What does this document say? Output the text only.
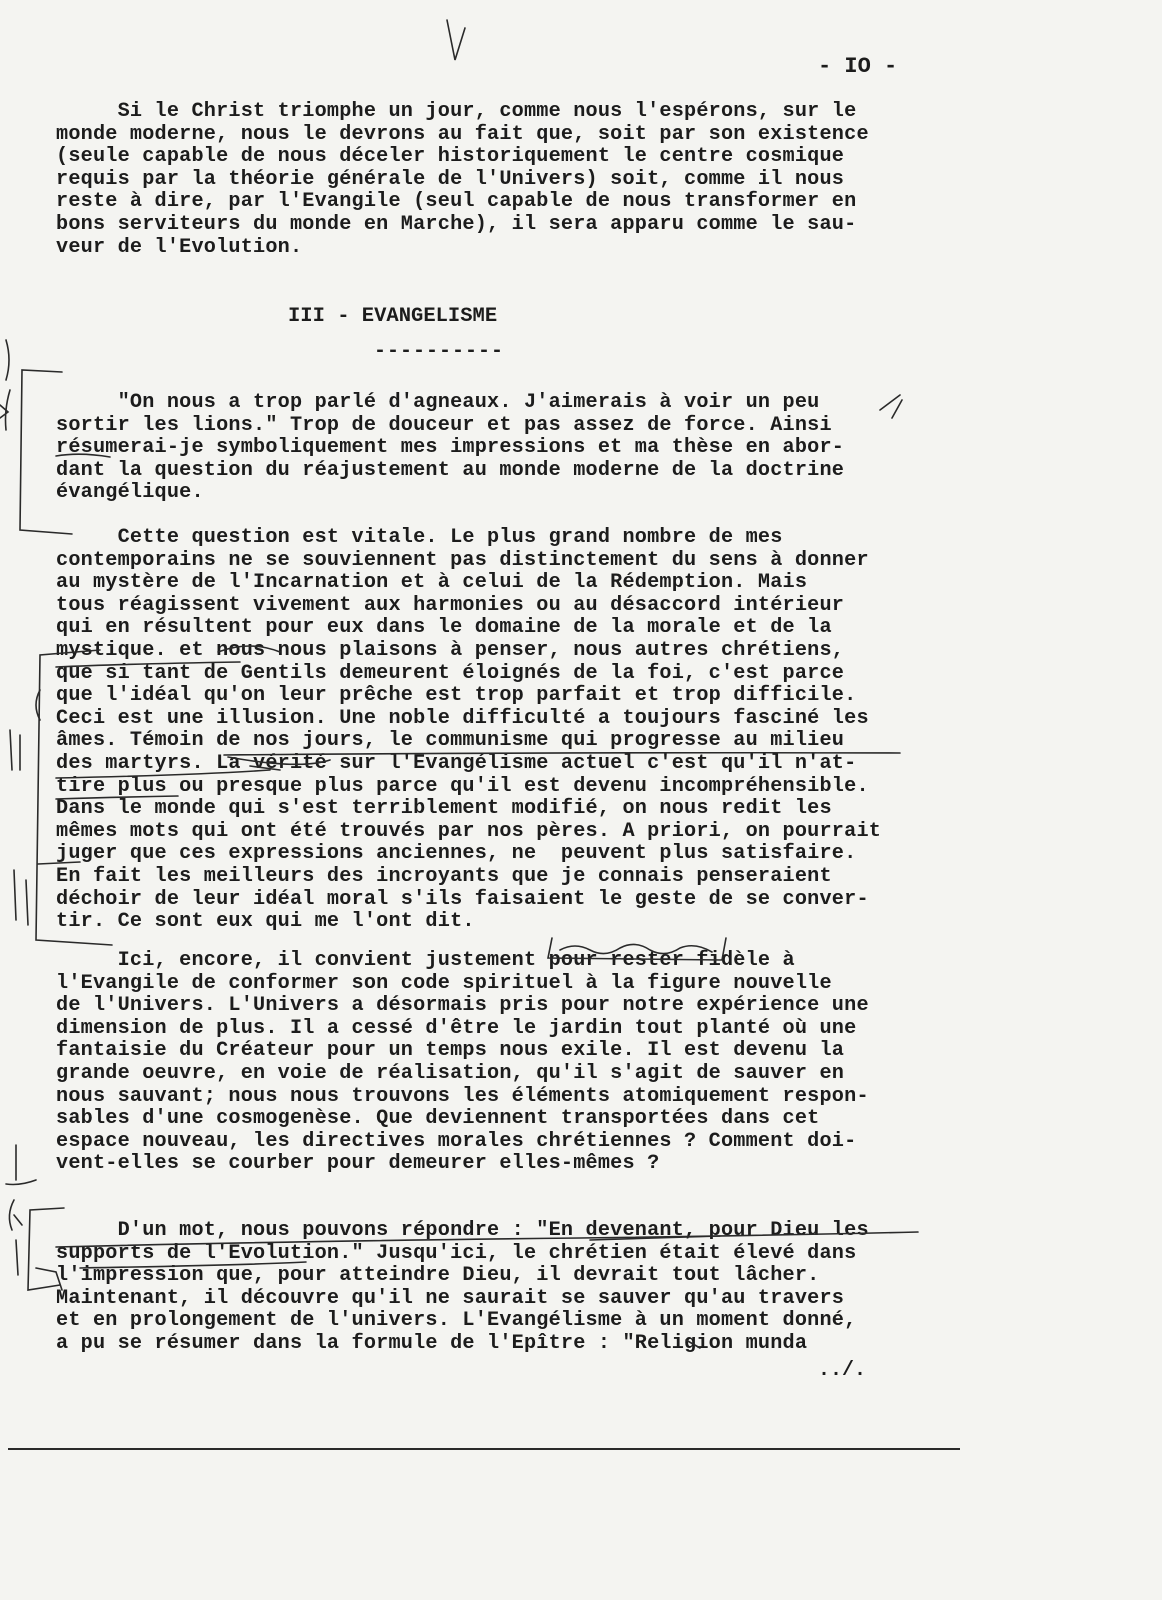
- IO -
Si le Christ triomphe un jour, comme nous l'espérons, sur le
monde moderne, nous le devrons au fait que, soit par son existence
(seule capable de nous déceler historiquement le centre cosmique
requis par la théorie générale de l'Univers) soit, comme il nous
reste à dire, par l'Evangile (seul capable de nous transformer en
bons serviteurs du monde en Marche), il sera apparu comme le sau-
veur de l'Evolution.
III - EVANGELISME
----------
"On nous a trop parlé d'agneaux. J'aimerais à voir un peu
sortir les lions." Trop de douceur et pas assez de force. Ainsi
résumerai-je symboliquement mes impressions et ma thèse en abor-
dant la question du réajustement au monde moderne de la doctrine
évangélique.
Cette question est vitale. Le plus grand nombre de mes
contemporains ne se souviennent pas distinctement du sens à donner
au mystère de l'Incarnation et à celui de la Rédemption. Mais
tous réagissent vivement aux harmonies ou au désaccord intérieur
qui en résultent pour eux dans le domaine de la morale et de la
mystique. et nous nous plaisons à penser, nous autres chrétiens,
que si tant de Gentils demeurent éloignés de la foi, c'est parce
que l'idéal qu'on leur prêche est trop parfait et trop difficile.
Ceci est une illusion. Une noble difficulté a toujours fasciné les
âmes. Témoin de nos jours, le communisme qui progresse au milieu
des martyrs. La vérité sur l'Evangélisme actuel c'est qu'il n'at-
tire plus ou presque plus parce qu'il est devenu incompréhensible.
Dans le monde qui s'est terriblement modifié, on nous redit les
mêmes mots qui ont été trouvés par nos pères. A priori, on pourrait
juger que ces expressions anciennes, ne  peuvent plus satisfaire.
En fait les meilleurs des incroyants que je connais penseraient
déchoir de leur idéal moral s'ils faisaient le geste de se conver-
tir. Ce sont eux qui me l'ont dit.
Ici, encore, il convient justement pour rester fidèle à
l'Evangile de conformer son code spirituel à la figure nouvelle
de l'Univers. L'Univers a désormais pris pour notre expérience une
dimension de plus. Il a cessé d'être le jardin tout planté où une
fantaisie du Créateur pour un temps nous exile. Il est devenu la
grande oeuvre, en voie de réalisation, qu'il s'agit de sauver en
nous sauvant; nous nous trouvons les éléments atomiquement respon-
sables d'une cosmogenèse. Que deviennent transportées dans cet
espace nouveau, les directives morales chrétiennes ? Comment doi-
vent-elles se courber pour demeurer elles-mêmes ?
D'un mot, nous pouvons répondre : "En devenant, pour Dieu les
supports de l'Evolution." Jusqu'ici, le chrétien était élevé dans
l'impression que, pour atteindre Dieu, il devrait tout lâcher.
Maintenant, il découvre qu'il ne saurait se sauver qu'au travers
et en prolongement de l'univers. L'Evangélisme à un moment donné,
a pu se résumer dans la formule de l'Epître : "Religion munda
../.
